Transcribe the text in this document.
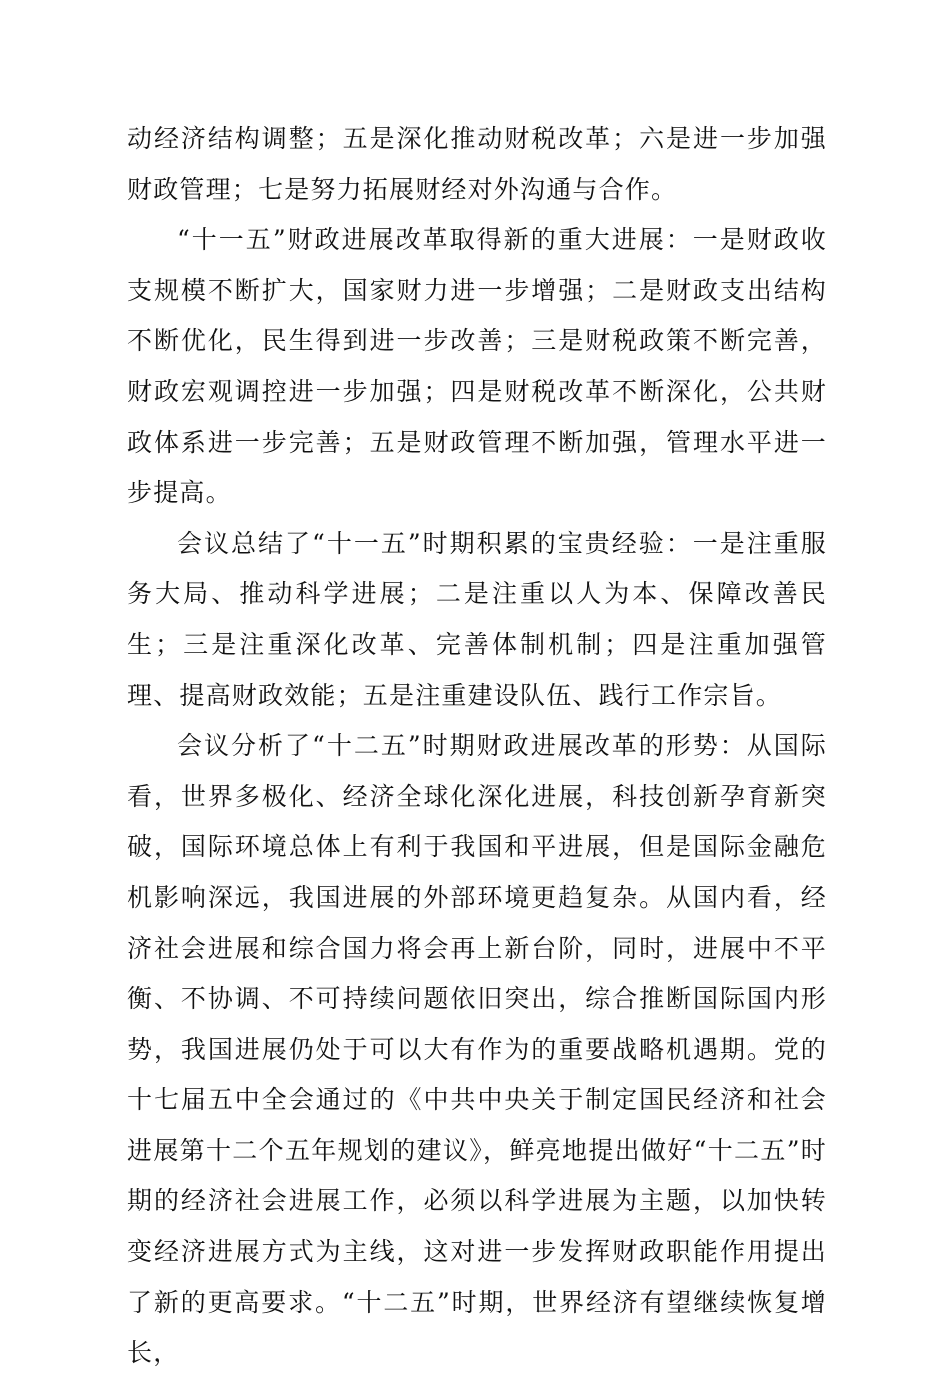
动经济结构调整；五是深化推动财税改革；六是进一步加强财政管理；七是努力拓展财经对外沟通与合作。

“十一五”财政进展改革取得新的重大进展：一是财政收支规模不断扩大，国家财力进一步增强；二是财政支出结构不断优化，民生得到进一步改善；三是财税政策不断完善，财政宏观调控进一步加强；四是财税改革不断深化，公共财政体系进一步完善；五是财政管理不断加强，管理水平进一步提高。

会议总结了“十一五”时期积累的宝贵经验：一是注重服务大局、推动科学进展；二是注重以人为本、保障改善民生；三是注重深化改革、完善体制机制；四是注重加强管理、提高财政效能；五是注重建设队伍、践行工作宗旨。

会议分析了“十二五”时期财政进展改革的形势：从国际看，世界多极化、经济全球化深化进展，科技创新孕育新突破，国际环境总体上有利于我国和平进展，但是国际金融危机影响深远，我国进展的外部环境更趋复杂。从国内看，经济社会进展和综合国力将会再上新台阶，同时，进展中不平衡、不协调、不可持续问题依旧突出，综合推断国际国内形势，我国进展仍处于可以大有作为的重要战略机遇期。党的十七届五中全会通过的《中共中央关于制定国民经济和社会进展第十二个五年规划的建议》，鲜亮地提出做好“十二五”时期的经济社会进展工作，必须以科学进展为主题，以加快转变经济进展方式为主线，这对进一步发挥财政职能作用提出了新的更高要求。“十二五”时期，世界经济有望继续恢复增长，
